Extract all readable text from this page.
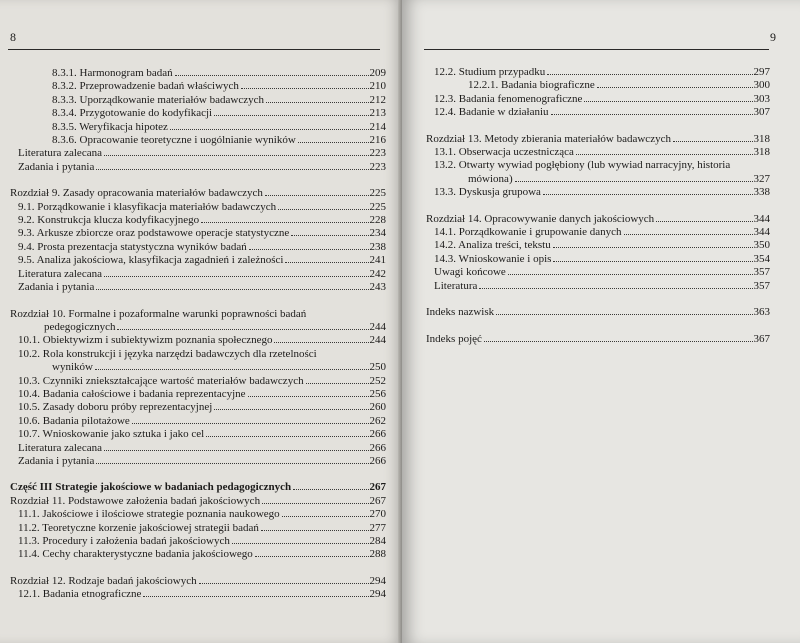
8
8.3.1. Harmonogram badań	209
8.3.2. Przeprowadzenie badań właściwych	210
8.3.3. Uporządkowanie materiałów badawczych	212
8.3.4. Przygotowanie do kodyfikacji	213
8.3.5. Weryfikacja hipotez	214
8.3.6. Opracowanie teoretyczne i uogólnianie wyników	216
Literatura zalecana	223
Zadania i pytania	223
Rozdział 9. Zasady opracowania materiałów badawczych	225
9.1. Porządkowanie i klasyfikacja materiałów badawczych	225
9.2. Konstrukcja klucza kodyfikacyjnego	228
9.3. Arkusze zbiorcze oraz podstawowe operacje statystyczne	234
9.4. Prosta prezentacja statystyczna wyników badań	238
9.5. Analiza jakościowa, klasyfikacja zagadnień i zależności	241
Literatura zalecana	242
Zadania i pytania	243
Rozdział 10. Formalne i pozaformalne warunki poprawności badań
pedegogicznych	244
10.1. Obiektywizm i subiektywizm poznania społecznego	244
10.2. Rola konstrukcji i języka narzędzi badawczych dla rzetelności
wyników	250
10.3. Czynniki zniekształcające wartość materiałów badawczych	252
10.4. Badania całościowe i badania reprezentacyjne	256
10.5. Zasady doboru próby reprezentacyjnej	260
10.6. Badania pilotażowe	262
10.7. Wnioskowanie jako sztuka i jako cel	266
Literatura zalecana	266
Zadania i pytania	266
Część III Strategie jakościowe w badaniach pedagogicznych	267
Rozdział 11. Podstawowe założenia badań jakościowych	267
11.1. Jakościowe i ilościowe strategie poznania naukowego	270
11.2. Teoretyczne korzenie jakościowej strategii badań	277
11.3. Procedury i założenia badań jakościowych	284
11.4. Cechy charakterystyczne badania jakościowego	288
Rozdział 12. Rodzaje badań jakościowych	294
12.1. Badania etnograficzne	294
9
12.2. Studium przypadku	297
12.2.1. Badania biograficzne	300
12.3. Badania fenomenograficzne	303
12.4. Badanie w działaniu	307
Rozdział 13. Metody zbierania materiałów badawczych	318
13.1. Obserwacja uczestnicząca	318
13.2. Otwarty wywiad pogłębiony (lub wywiad narracyjny, historia
mówiona)	327
13.3. Dyskusja grupowa	338
Rozdział 14. Opracowywanie danych jakościowych	344
14.1. Porządkowanie i grupowanie danych	344
14.2. Analiza treści, tekstu	350
14.3. Wnioskowanie i opis	354
Uwagi końcowe	357
Literatura	357
Indeks nazwisk	363
Indeks pojęć	367
